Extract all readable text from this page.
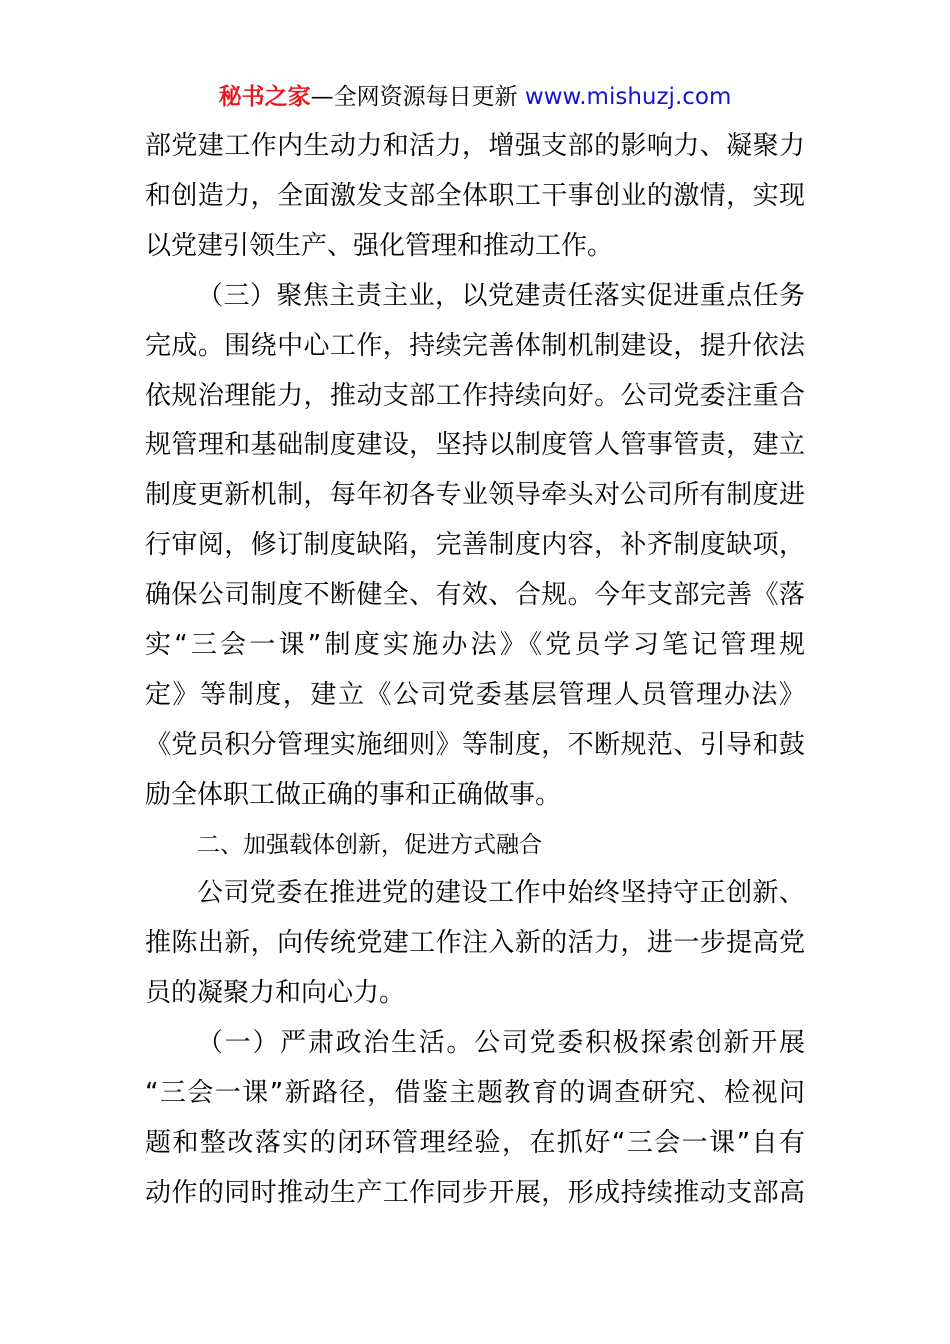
秘书之家—全网资源每日更新 www.mishuzj.com
部党建工作内生动力和活力，增强支部的影响力、凝聚力
和创造力，全面激发支部全体职工干事创业的激情，实现
以党建引领生产、强化管理和推动工作。
（三）聚焦主责主业，以党建责任落实促进重点任务
完成。围绕中心工作，持续完善体制机制建设，提升依法
依规治理能力，推动支部工作持续向好。公司党委注重合
规管理和基础制度建设，坚持以制度管人管事管责，建立
制度更新机制，每年初各专业领导牵头对公司所有制度进
行审阅，修订制度缺陷，完善制度内容，补齐制度缺项，
确保公司制度不断健全、有效、合规。今年支部完善《落
实“三会一课”制度实施办法》《党员学习笔记管理规
定》等制度，建立《公司党委基层管理人员管理办法》
《党员积分管理实施细则》等制度，不断规范、引导和鼓
励全体职工做正确的事和正确做事。
二、加强载体创新，促进方式融合
公司党委在推进党的建设工作中始终坚持守正创新、
推陈出新，向传统党建工作注入新的活力，进一步提高党
员的凝聚力和向心力。
（一）严肃政治生活。公司党委积极探索创新开展
“三会一课”新路径，借鉴主题教育的调查研究、检视问
题和整改落实的闭环管理经验，在抓好“三会一课”自有
动作的同时推动生产工作同步开展，形成持续推动支部高
